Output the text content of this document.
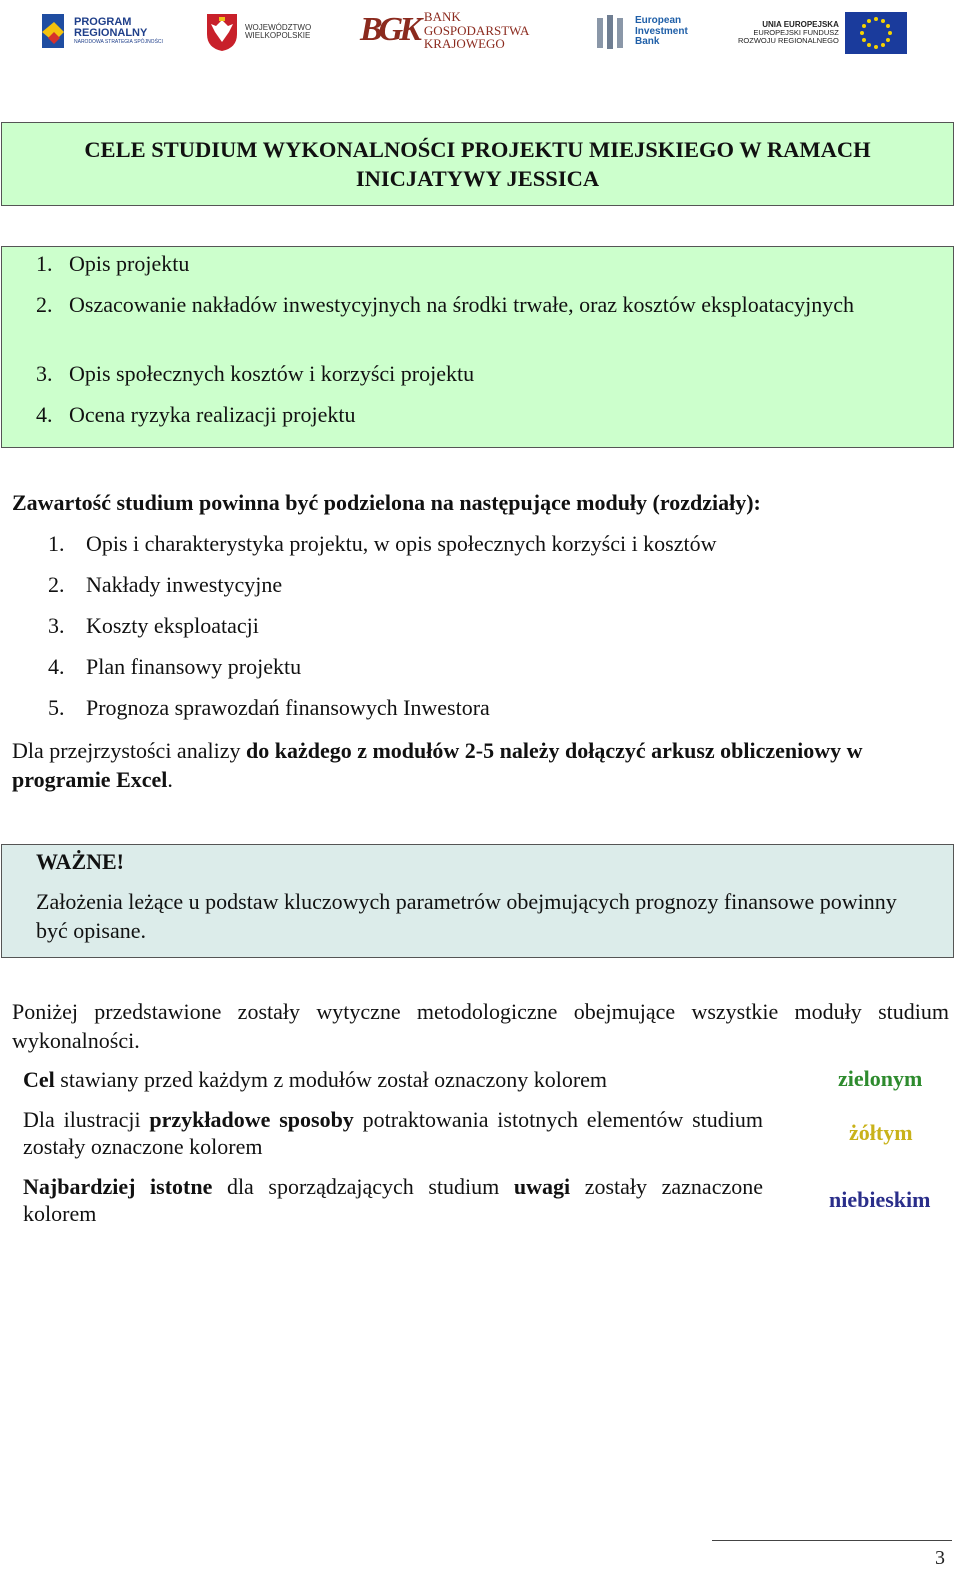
PROGRAM
REGIONALNY
NARODOWA STRATEGIA SPÓJNOŚCI
WOJEWÓDZTWO
WIELKOPOLSKIE BGK BANK
GOSPODARSTWA
KRAJOWEGO
European
Investment
Bank
UNIA EUROPEJSKA
EUROPEJSKI FUNDUSZ
ROZWOJU REGIONALNEGO
CELE STUDIUM WYKONALNOŚCI PROJEKTU MIEJSKIEGO W RAMACH
INICJATYWY JESSICA
1. Opis projektu
2. Oszacowanie nakładów inwestycyjnych na środki trwałe, oraz kosztów eksploatacyjnych
3. Opis społecznych kosztów i korzyści projektu
4. Ocena ryzyka realizacji projektu
Zawartość studium powinna być podzielona na następujące moduły (rozdziały):
1. Opis i charakterystyka projektu, w opis społecznych korzyści i kosztów
2. Nakłady inwestycyjne
3. Koszty eksploatacji
4. Plan finansowy projektu
5. Prognoza sprawozdań finansowych Inwestora
Dla przejrzystości analizy do każdego z modułów 2-5 należy dołączyć arkusz obliczeniowy w programie Excel.
WAŻNE!
Założenia leżące u podstaw kluczowych parametrów obejmujących prognozy finansowe powinny być opisane.
Poniżej przedstawione zostały wytyczne metodologiczne obejmujące wszystkie moduły studium wykonalności.
Cel stawiany przed każdym z modułów został oznaczony kolorem	zielonym
Dla ilustracji przykładowe sposoby potraktowania istotnych elementów studium zostały oznaczone kolorem
żółtym
Najbardziej istotne dla sporządzających studium uwagi zostały zaznaczone kolorem
niebieskim
3
